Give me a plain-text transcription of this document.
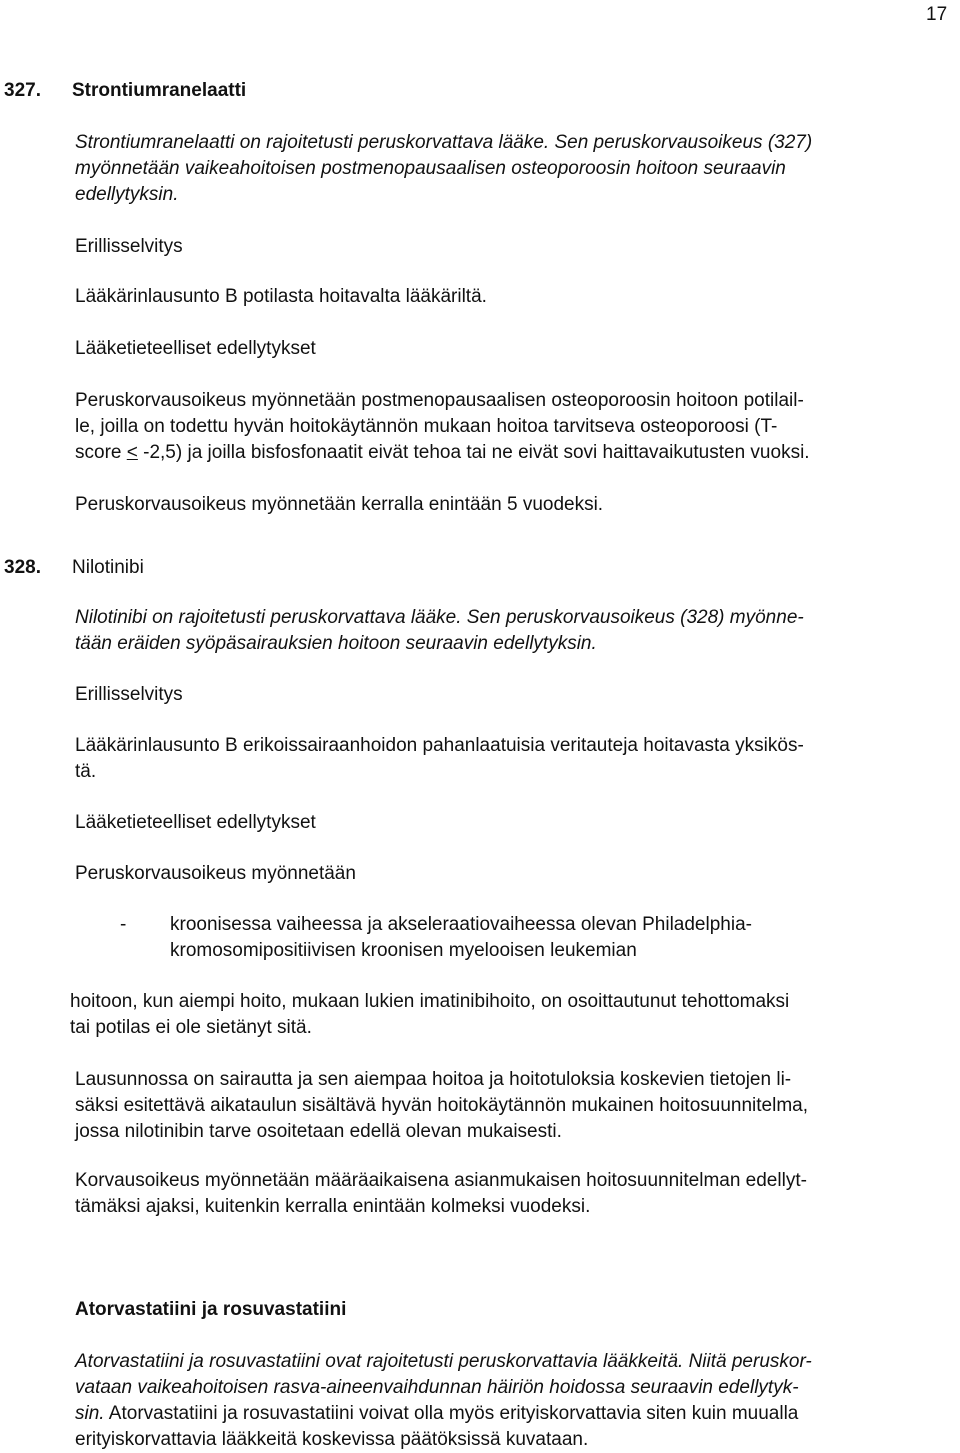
17
327. Strontiumranelaatti
Strontiumranelaatti on rajoitetusti peruskorvattava lääke. Sen peruskorvausoikeus (327)
myönnetään vaikeahoitoisen postmenopausaalisen osteoporoosin hoitoon seuraavin
edellytyksin.
Erillisselvitys
Lääkärinlausunto B potilasta hoitavalta lääkäriltä.
Lääketieteelliset edellytykset
Peruskorvausoikeus myönnetään postmenopausaalisen osteoporoosin hoitoon potilail-
le, joilla on todettu hyvän hoitokäytännön mukaan hoitoa tarvitseva osteoporoosi (T-
score < -2,5) ja joilla bisfosfonaatit eivät tehoa tai ne eivät sovi haittavaikutusten vuoksi.
Peruskorvausoikeus myönnetään kerralla enintään 5 vuodeksi.
328. Nilotinibi
Nilotinibi on rajoitetusti peruskorvattava lääke. Sen peruskorvausoikeus (328) myönne-
tään eräiden syöpäsairauksien hoitoon seuraavin edellytyksin.
Erillisselvitys
Lääkärinlausunto B erikoissairaanhoidon pahanlaatuisia veritauteja hoitavasta yksikös-
tä.
Lääketieteelliset edellytykset
Peruskorvausoikeus myönnetään
- kroonisessa vaiheessa ja akseleraatiovaiheessa olevan Philadelphia-
kromosomipositiivisen kroonisen myelooisen leukemian
hoitoon, kun aiempi hoito, mukaan lukien imatinibihoito, on osoittautunut tehottomaksi
tai potilas ei ole sietänyt sitä.
Lausunnossa on sairautta ja sen aiempaa hoitoa ja hoitotuloksia koskevien tietojen li-
säksi esitettävä aikataulun sisältävä hyvän hoitokäytännön mukainen hoitosuunnitelma,
jossa nilotinibin tarve osoitetaan edellä olevan mukaisesti.
Korvausoikeus myönnetään määräaikaisena asianmukaisen hoitosuunnitelman edellyt-
tämäksi ajaksi, kuitenkin kerralla enintään kolmeksi vuodeksi.
Atorvastatiini ja rosuvastatiini
Atorvastatiini ja rosuvastatiini ovat rajoitetusti peruskorvattavia lääkkeitä. Niitä peruskor-
vataan vaikeahoitoisen rasva-aineenvaihdunnan häiriön hoidossa seuraavin edellytyk-
sin. Atorvastatiini ja rosuvastatiini voivat olla myös erityiskorvattavia siten kuin muualla
erityiskorvattavia lääkkeitä koskevissa päätöksissä kuvataan.
